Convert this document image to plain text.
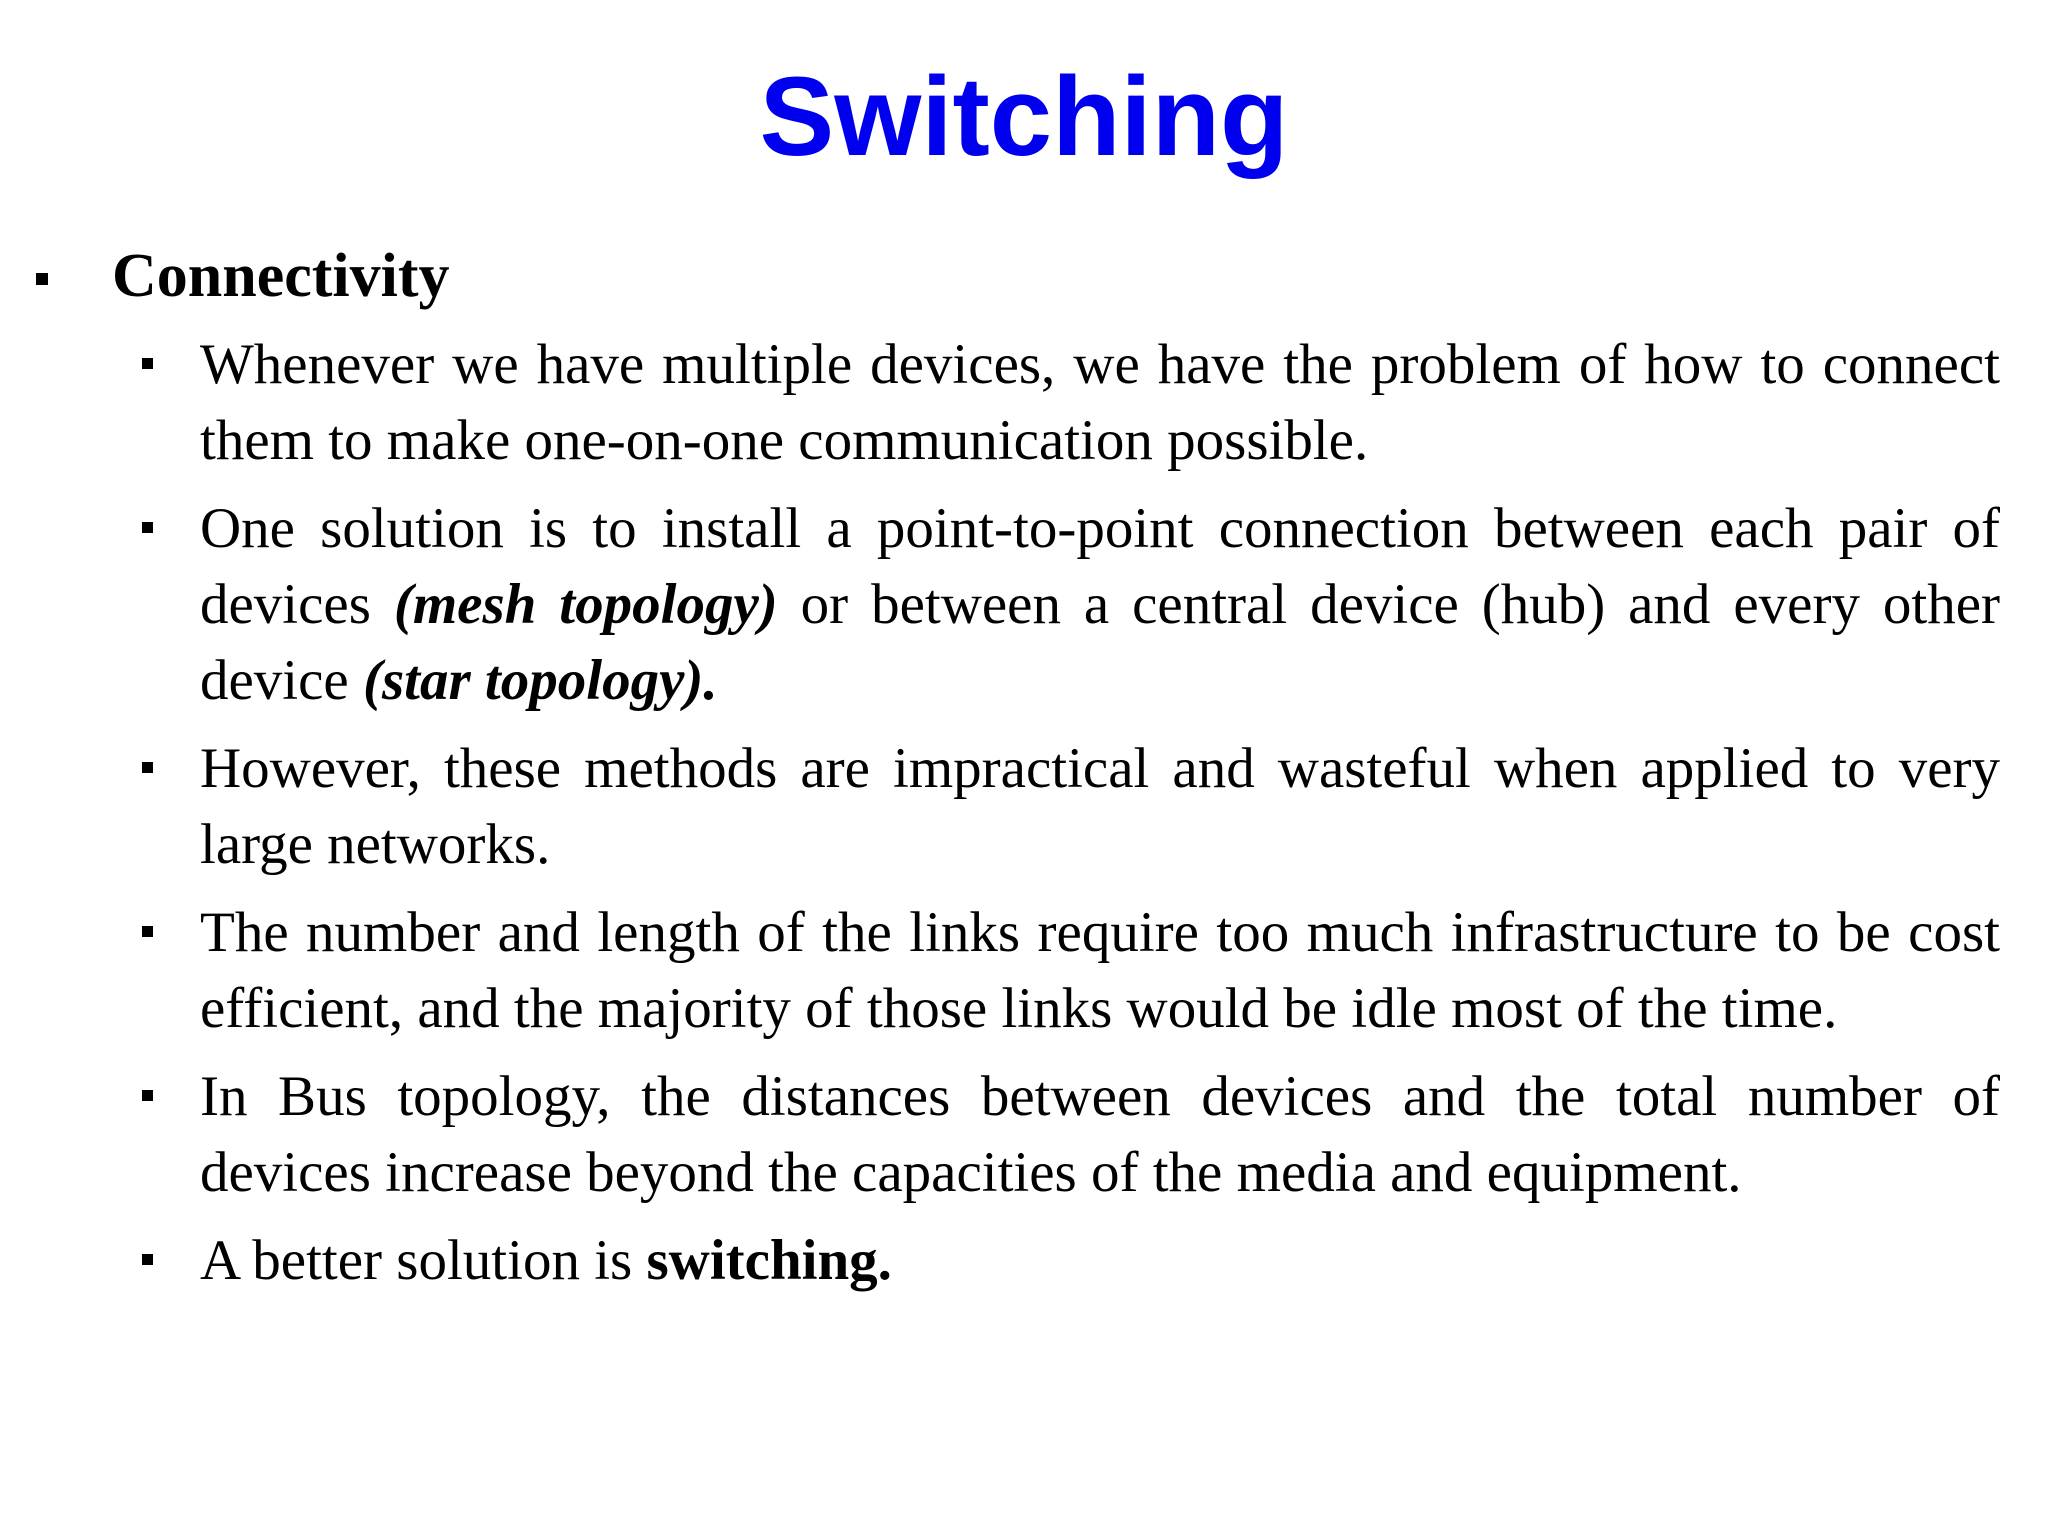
Switching

Connectivity

Whenever we have multiple devices, we have the problem of how to connect them to make one-on-one communication possible.
One solution is to install a point-to-point connection between each pair of devices (mesh topology) or between a central device (hub) and every other device (star topology).
However, these methods are impractical and wasteful when applied to very large networks.
The number and length of the links require too much infrastructure to be cost efficient, and the majority of those links would be idle most of the time.
In Bus topology, the distances between devices and the total number of devices increase beyond the capacities of the media and equipment.
A better solution is switching.
